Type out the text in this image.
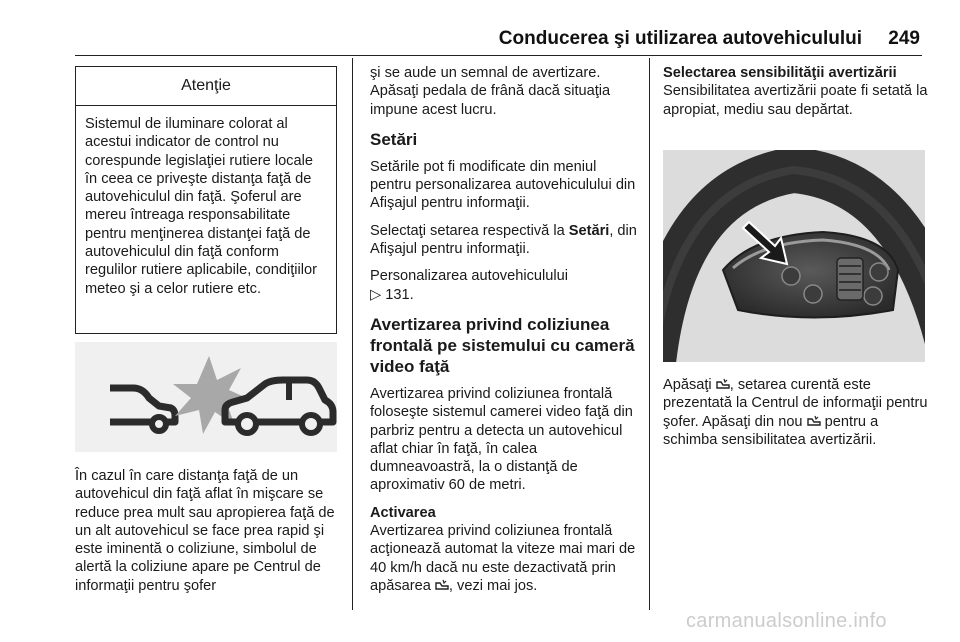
Conducerea şi utilizarea autovehiculului 249
Atenţie
Sistemul de iluminare colorat al acestui indicator de control nu corespunde legislaţiei rutiere locale în ceea ce priveşte distanţa faţă de autovehiculul din faţă. Şoferul are mereu întreaga responsabilitate pentru menţinerea distanţei faţă de autovehiculul din faţă conform regulilor rutiere aplicabile, condiţiilor meteo şi a celor rutiere etc.
În cazul în care distanţa faţă de un autovehicul din faţă aflat în mişcare se reduce prea mult sau apropierea faţă de un alt autovehicul se face prea rapid şi este iminentă o coliziune, simbolul de alertă la coliziune apare pe Centrul de informaţii pentru şofer

şi se aude un semnal de avertizare. Apăsaţi pedala de frână dacă situaţia impune acest lucru.

Setări

Setările pot fi modificate din meniul pentru personalizarea autovehiculului din Afişajul pentru informaţii.

Selectaţi setarea respectivă la Setări, din Afişajul pentru informaţii.

Personalizarea autovehiculului
▷ 131.

Avertizarea privind coliziunea frontală pe sistemului cu cameră video faţă

Avertizarea privind coliziunea frontală foloseşte sistemul camerei video faţă din parbriz pentru a detecta un autovehicul aflat chiar în faţă, în calea dumneavoastră, la o distanţă de aproximativ 60 de metri.

Activarea

Avertizarea privind coliziunea frontală acţionează automat la viteze mai mari de 40 km/h dacă nu este dezactivată prin apăsarea , vezi mai jos.

Selectarea sensibilităţii avertizării

Sensibilitatea avertizării poate fi setată la apropiat, mediu sau depărtat.

Apăsaţi , setarea curentă este prezentată la Centrul de informaţii pentru şofer. Apăsaţi din nou  pentru a schimba sensibilitatea avertizării.

carmanualsonline.info
